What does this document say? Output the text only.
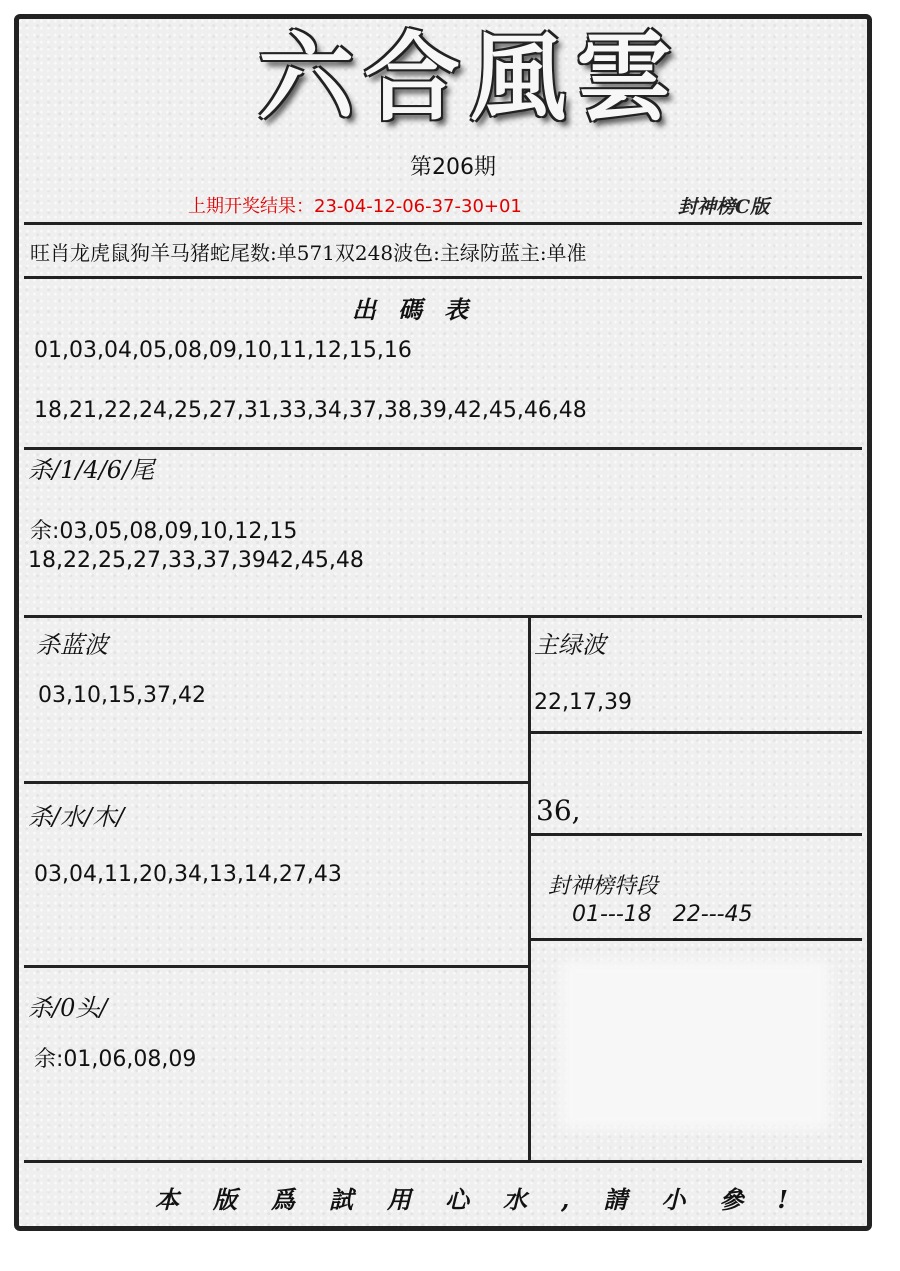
六合風雲
第206期
上期开奖结果：23-04-12-06-37-30+01	封神榜C版
旺肖龙虎鼠狗羊马猪蛇尾数:单571双248波色:主绿防蓝主:单准
出碼表
01,03,04,05,08,09,10,11,12,15,16
18,21,22,24,25,27,31,33,34,37,38,39,42,45,46,48
杀/1/4/6/尾
余:03,05,08,09,10,12,15
18,22,25,27,33,37,3942,45,48
杀蓝波
03,10,15,37,42
主绿波
22,17,39
36,
杀/水/木/
03,04,11,20,34,13,14,27,43	封神榜特段
01---18 22---45
杀/0头/
余:01,06,08,09
本版爲試用心水,請小參!
